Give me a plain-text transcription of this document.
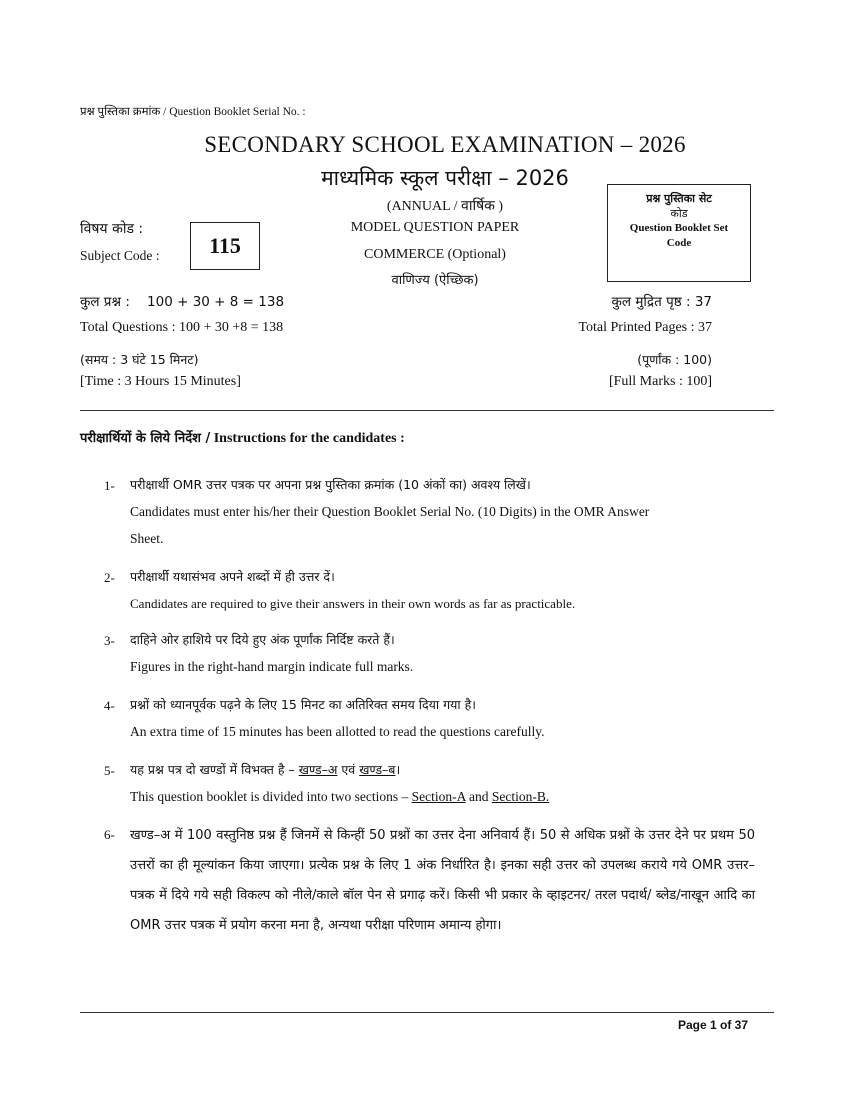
प्रश्न पुस्तिका क्रमांक / Question Booklet Serial No. :
SECONDARY SCHOOL EXAMINATION – 2026
माध्यमिक स्कूल परीक्षा – 2026
(ANNUAL / वार्षिक )
विषय कोड :
Subject Code :	115
MODEL QUESTION PAPER
COMMERCE (Optional)
वाणिज्य (ऐच्छिक)
प्रश्न पुस्तिका सेट
कोड
Question Booklet Set
Code
कुल प्रश्न :    100 + 30 + 8 = 138
Total Questions : 100 + 30 +8 = 138
कुल मुद्रित पृष्ठ : 37
Total Printed Pages : 37
(समय : 3 घंटे 15 मिनट)
[Time : 3 Hours 15 Minutes]
(पूर्णांक : 100)
[Full Marks : 100]
परीक्षार्थियों के लिये निर्देश / Instructions for the candidates :
1- परीक्षार्थी OMR उत्तर पत्रक पर अपना प्रश्न पुस्तिका क्रमांक (10 अंकों का) अवश्य लिखें।
Candidates must enter his/her their Question Booklet Serial No. (10 Digits) in the OMR Answer
Sheet.
2- परीक्षार्थी यथासंभव अपने शब्दों में ही उत्तर दें।
Candidates are required to give their answers in their own words as far as practicable.
3- दाहिने ओर हाशिये पर दिये हुए अंक पूर्णांक निर्दिष्ट करते हैं।
Figures in the right-hand margin indicate full marks.
4- प्रश्नों को ध्यानपूर्वक पढ़ने के लिए 15 मिनट का अतिरिक्त समय दिया गया है।
An extra time of 15 minutes has been allotted to read the questions carefully.
5- यह प्रश्न पत्र दो खण्डों में विभक्त है – खण्ड–अ एवं खण्ड–ब।
This question booklet is divided into two sections – Section-A and Section-B.
6- खण्ड–अ में 100 वस्तुनिष्ठ प्रश्न हैं जिनमें से किन्हीं 50 प्रश्नों का उत्तर देना अनिवार्य हैं। 50 से अधिक प्रश्नों के उत्तर देने पर प्रथम 50 उत्तरों का ही मूल्यांकन किया जाएगा। प्रत्येक प्रश्न के लिए 1 अंक निर्धारित है। इनका सही उत्तर को उपलब्ध कराये गये OMR उत्तर–पत्रक में दिये गये सही विकल्प को नीले/काले बॉल पेन से प्रगाढ़ करें। किसी भी प्रकार के व्हाइटनर/ तरल पदार्थ/ ब्लेड/नाखून आदि का OMR उत्तर पत्रक में प्रयोग करना मना है, अन्यथा परीक्षा परिणाम अमान्य होगा।
Page 1 of 37
